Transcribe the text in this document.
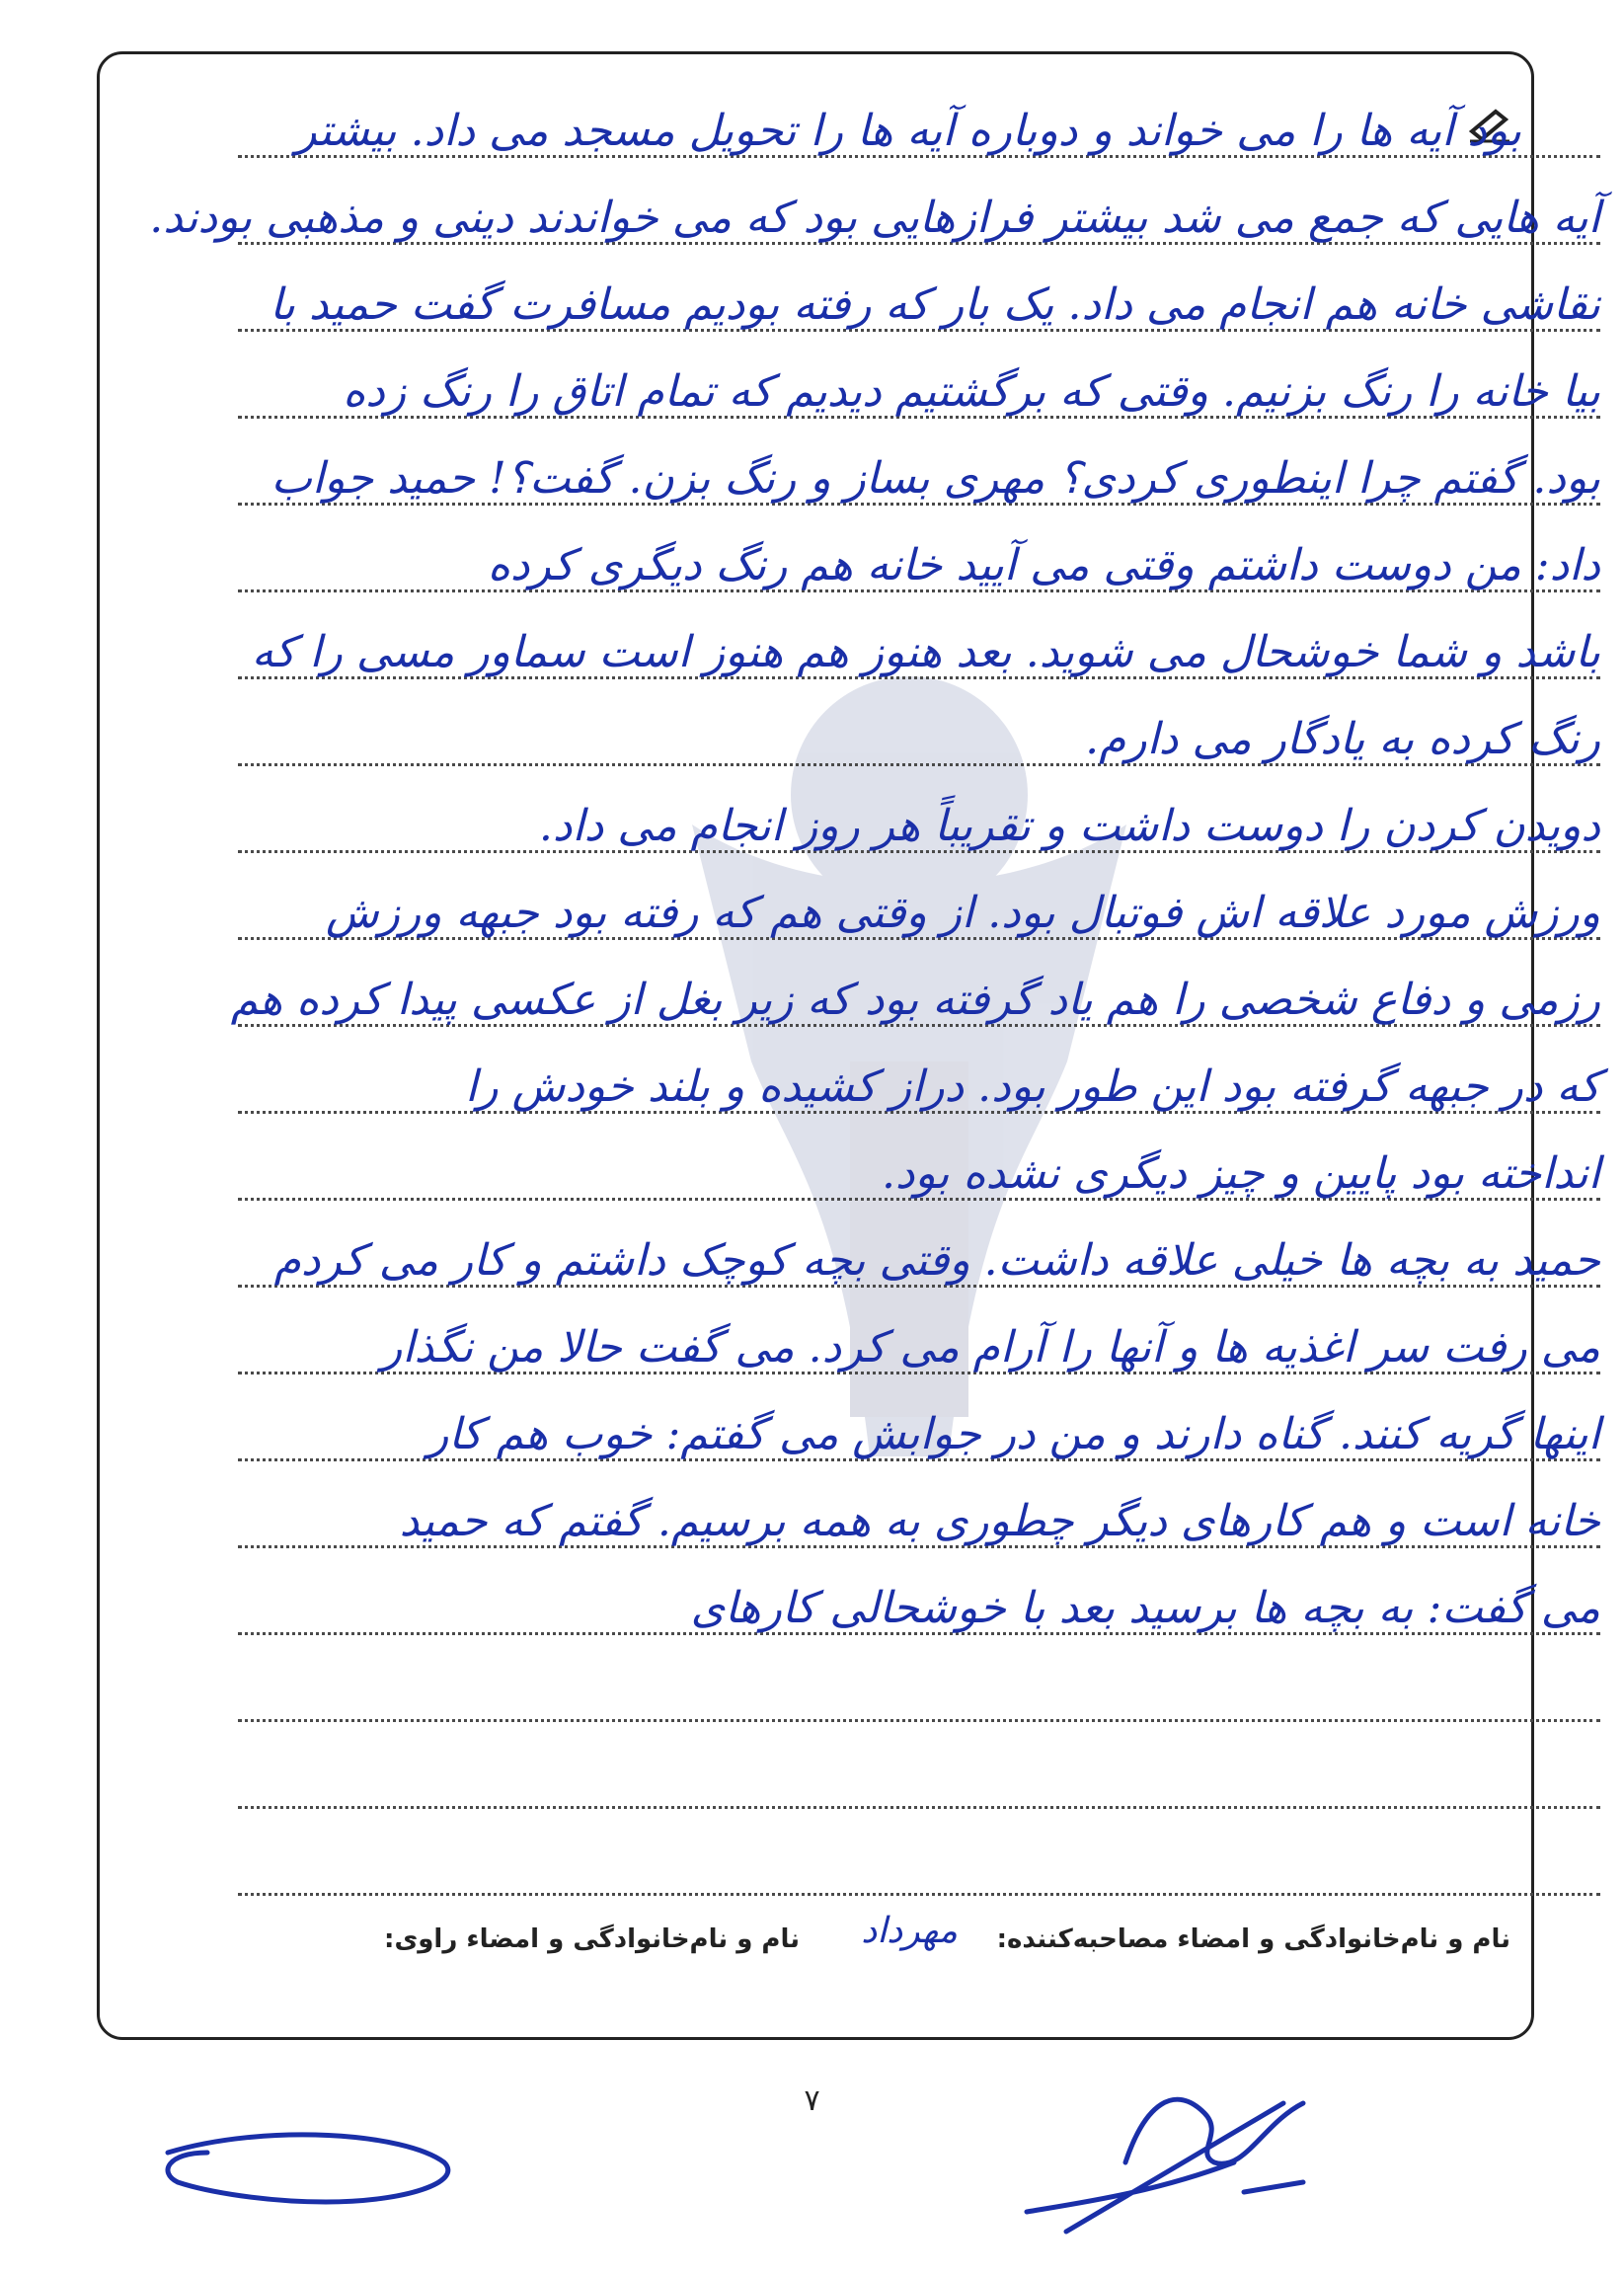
بود آیه ها را می خواند و دوباره آیه ها را تحویل مسجد می داد. بیشتر
آیه هایی که جمع می شد بیشتر فرازهایی بود که می خواندند دینی و مذهبی بودند.
نقاشی خانه هم انجام می داد. یک بار که رفته بودیم مسافرت گفت حمید با
بیا خانه را رنگ بزنیم. وقتی که برگشتیم دیدیم که تمام اتاق را رنگ زده
بود. گفتم چرا اینطوری کردی؟ مهری بساز و رنگ بزن. گفت؟! حمید جواب
داد: من دوست داشتم وقتی می آیید خانه هم رنگ دیگری کرده
باشد و شما خوشحال می شوید. بعد هنوز هم هنوز است سماور مسی را که
رنگ کرده به یادگار می دارم.
دویدن کردن را دوست داشت و تقریباً هر روز انجام می داد.
ورزش مورد علاقه اش فوتبال بود. از وقتی هم که رفته بود جبهه ورزش
رزمی و دفاع شخصی را هم یاد گرفته بود که زیر بغل از عکسی پیدا کرده هم
که در جبهه گرفته بود این طور بود. دراز کشیده و بلند خودش را
انداخته بود پایین و چیز دیگری نشده بود.
حمید به بچه ها خیلی علاقه داشت. وقتی بچه کوچک داشتم و کار می کردم
می رفت سر اغذیه ها و آنها را آرام می کرد. می گفت حالا من نگذار
اینها گریه کنند. گناه دارند و من در جوابش می گفتم: خوب هم کار
خانه است و هم کارهای دیگر چطوری به همه برسیم. گفتم که حمید
می گفت: به بچه ها برسید بعد با خوشحالی کارهای
نام و نام‌خانوادگی و امضاء مصاحبه‌کننده:
مهرداد
نام و نام‌خانوادگی و امضاء راوی:
۷
